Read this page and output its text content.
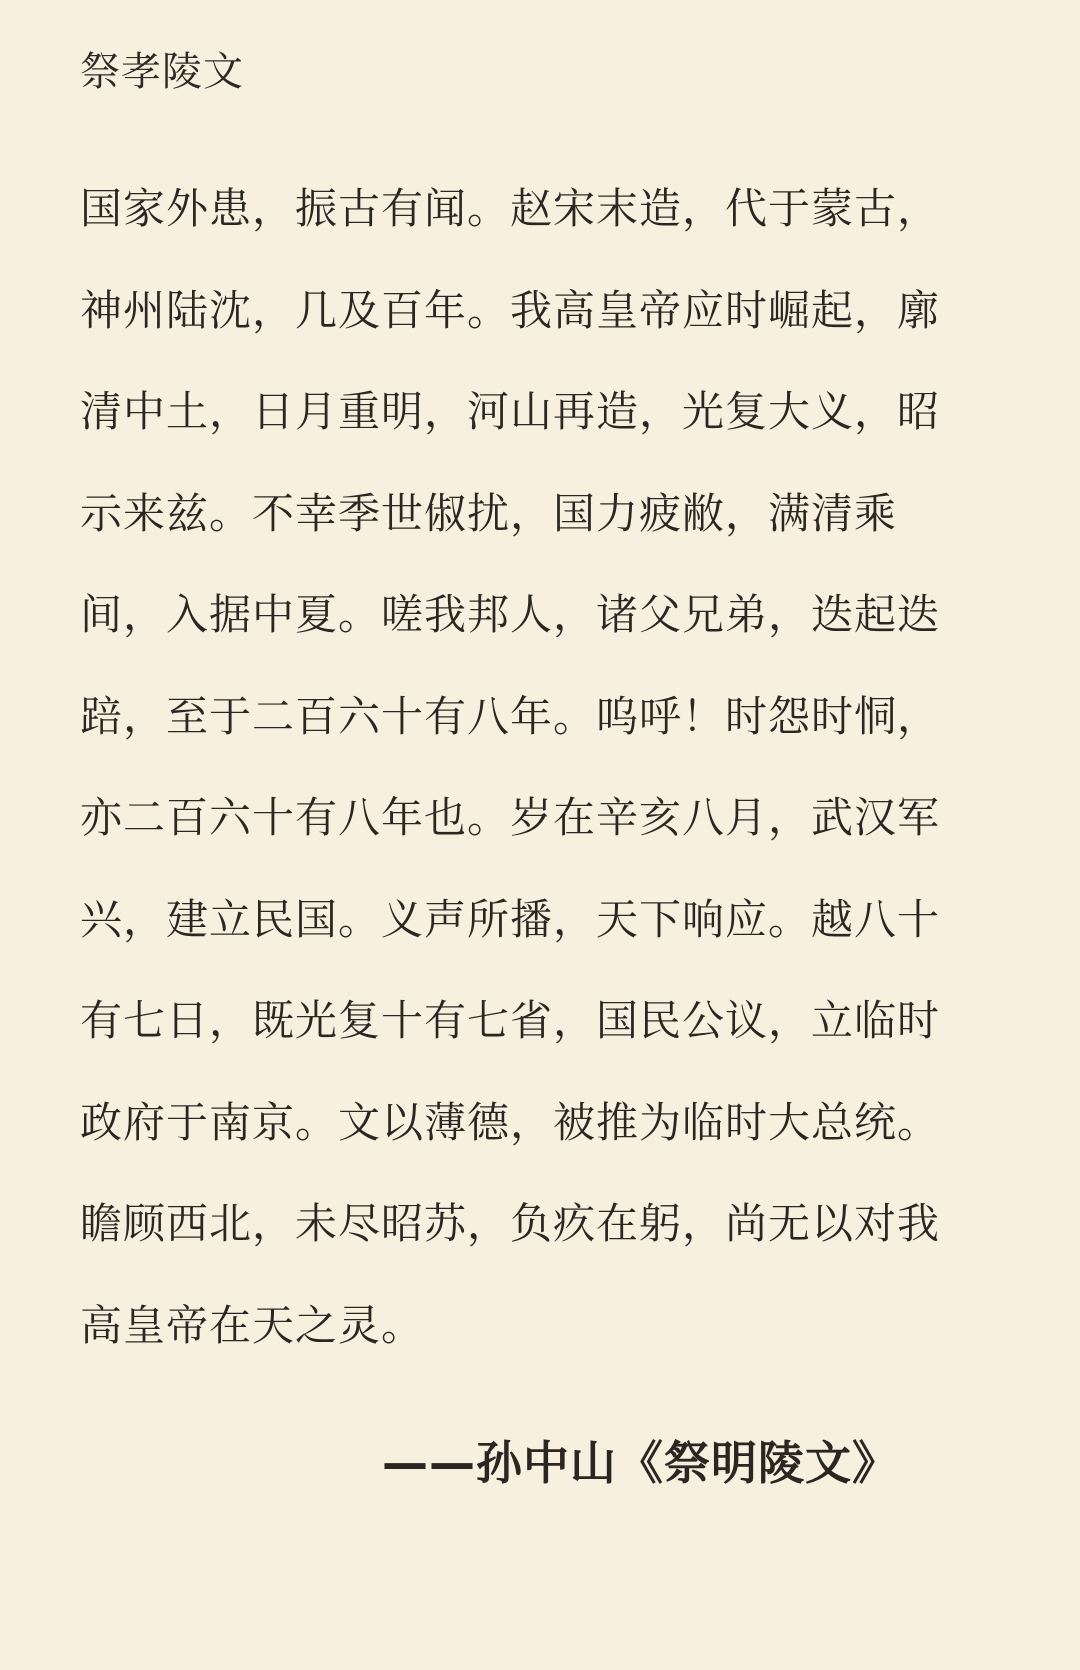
祭孝陵文
国家外患，振古有闻。赵宋末造，代于蒙古，
神州陆沈，几及百年。我高皇帝应时崛起，廓
清中土，日月重明，河山再造，光复大义，昭
示来兹。不幸季世俶扰，国力疲敝，满清乘
间，入据中夏。嗟我邦人，诸父兄弟，迭起迭
踣，至于二百六十有八年。呜呼！时怨时恫，
亦二百六十有八年也。岁在辛亥八月，武汉军
兴，建立民国。义声所播，天下响应。越八十
有七日，既光复十有七省，国民公议，立临时
政府于南京。文以薄德，被推为临时大总统。
瞻顾西北，未尽昭苏，负疚在躬，尚无以对我
高皇帝在天之灵。
——孙中山《祭明陵文》
